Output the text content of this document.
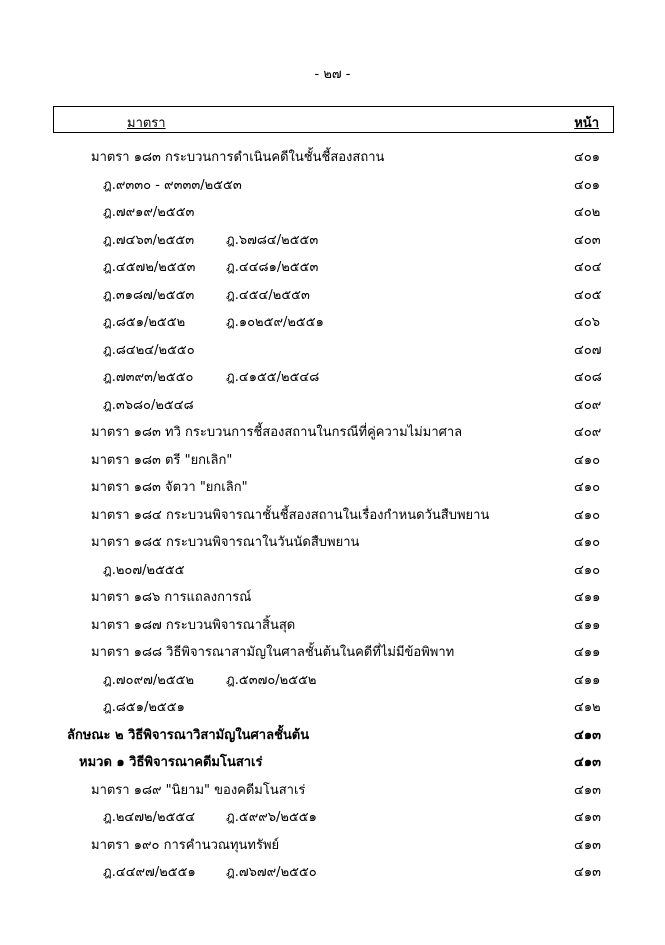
- ๒๗ -
มาตรา	หน้า
มาตรา ๑๘๓ กระบวนการดำเนินคดีในชั้นชี้สองสถาน	๔๐๑
ฎ.๙๓๓๐ - ๙๓๓๓/๒๕๕๓	๔๐๑
ฎ.๗๙๑๙/๒๕๕๓	๔๐๒
ฎ.๗๔๖๓/๒๕๕๓ ฎ.๖๗๘๔/๒๕๕๓	๔๐๓
ฎ.๔๕๗๒/๒๕๕๓ ฎ.๔๔๘๑/๒๕๕๓	๔๐๔
ฎ.๓๑๘๗/๒๕๕๓ ฎ.๔๕๔/๒๕๕๓	๔๐๕
ฎ.๘๕๑/๒๕๕๒	ฎ.๑๐๒๕๙/๒๕๕๑	๔๐๖
ฎ.๘๔๒๔/๒๕๕๐	๔๐๗
ฎ.๗๓๙๓/๒๕๕๐	ฎ.๔๑๕๕/๒๕๔๘	๔๐๘
ฎ.๓๖๘๐/๒๕๔๘	๔๐๙
มาตรา ๑๘๓ ทวิ กระบวนการชี้สองสถานในกรณีที่คู่ความไม่มาศาล	๔๐๙
มาตรา ๑๘๓ ตรี "ยกเลิก"	๔๑๐
มาตรา ๑๘๓ จัตวา "ยกเลิก"	๔๑๐
มาตรา ๑๘๔ กระบวนพิจารณาชั้นชี้สองสถานในเรื่องกำหนดวันสืบพยาน	๔๑๐
มาตรา ๑๘๕ กระบวนพิจารณาในวันนัดสืบพยาน	๔๑๐
ฎ.๒๐๗/๒๕๕๕	๔๑๐
มาตรา ๑๘๖ การแถลงการณ์	๔๑๑
มาตรา ๑๘๗ กระบวนพิจารณาสิ้นสุด	๔๑๑
มาตรา ๑๘๘ วิธีพิจารณาสามัญในศาลชั้นต้นในคดีที่ไม่มีข้อพิพาท	๔๑๑
ฎ.๗๐๙๗/๒๕๕๒ ฎ.๕๓๗๐/๒๕๕๒	๔๑๑
ฎ.๘๕๑/๒๕๕๑	๔๑๒
ลักษณะ ๒ วิธีพิจารณาวิสามัญในศาลชั้นต้น	๔๑๓
หมวด ๑ วิธีพิจารณาคดีมโนสาเร่	๔๑๓
มาตรา ๑๘๙ "นิยาม" ของคดีมโนสาเร่	๔๑๓
ฎ.๒๔๗๒/๒๕๕๔ ฎ.๕๙๙๖/๒๕๕๑	๔๑๓
มาตรา ๑๙๐ การคำนวณทุนทรัพย์	๔๑๓
ฎ.๔๔๙๗/๒๕๕๑ ฎ.๗๖๗๙/๒๕๕๐	๔๑๓
